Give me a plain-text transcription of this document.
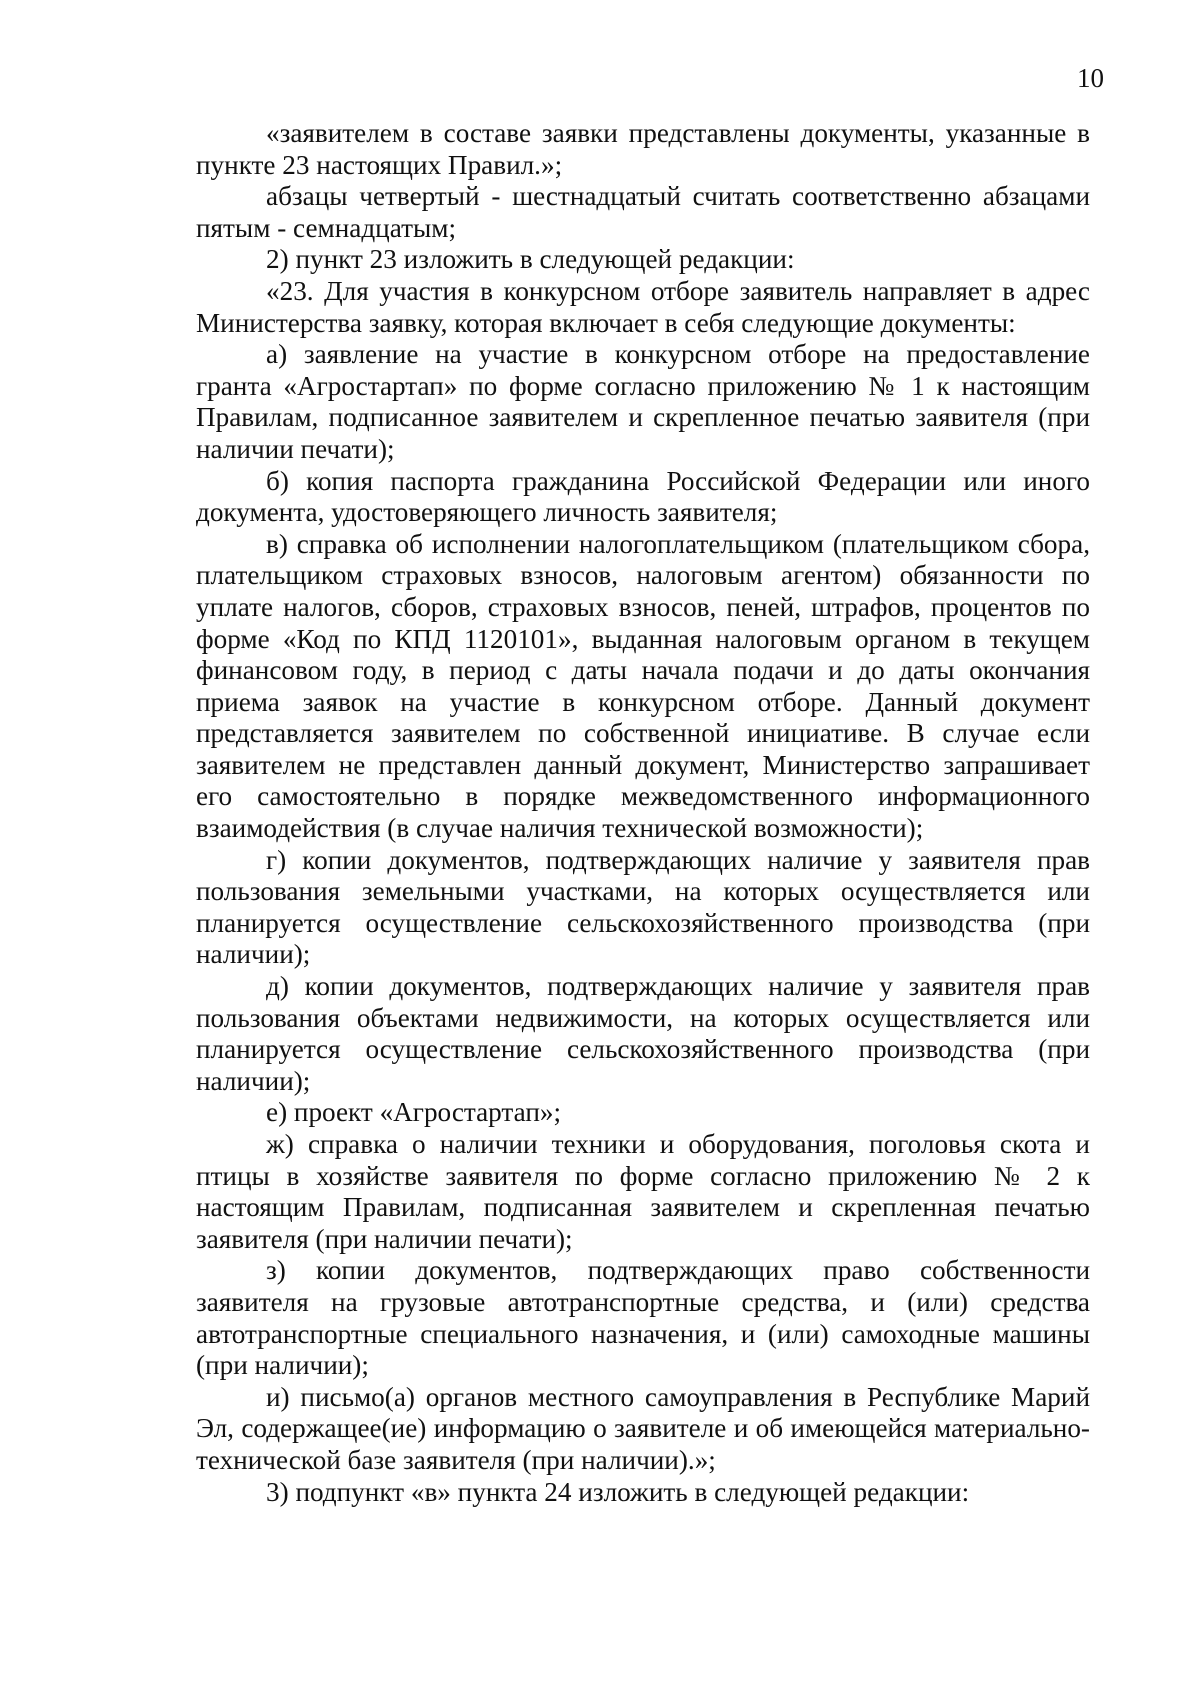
10

«заявителем в составе заявки представлены документы, указанные в пункте 23 настоящих Правил.»;

абзацы четвертый - шестнадцатый считать соответственно абзацами пятым - семнадцатым;

2) пункт 23 изложить в следующей редакции:

«23. Для участия в конкурсном отборе заявитель направляет в адрес Министерства заявку, которая включает в себя следующие документы:

а) заявление на участие в конкурсном отборе на предоставление гранта «Агростартап» по форме согласно приложению № 1 к настоящим Правилам, подписанное заявителем и скрепленное печатью заявителя (при наличии печати);

б) копия паспорта гражданина Российской Федерации или иного документа, удостоверяющего личность заявителя;

в) справка об исполнении налогоплательщиком (плательщиком сбора, плательщиком страховых взносов, налоговым агентом) обязанности по уплате налогов, сборов, страховых взносов, пеней, штрафов, процентов по форме «Код по КПД 1120101», выданная налоговым органом в текущем финансовом году, в период с даты начала подачи и до даты окончания приема заявок на участие в конкурсном отборе. Данный документ представляется заявителем по собственной инициативе. В случае если заявителем не представлен данный документ, Министерство запрашивает его самостоятельно в порядке межведомственного информационного взаимодействия (в случае наличия технической возможности);

г) копии документов, подтверждающих наличие у заявителя прав пользования земельными участками, на которых осуществляется или планируется осуществление сельскохозяйственного производства (при наличии);

д) копии документов, подтверждающих наличие у заявителя прав пользования объектами недвижимости, на которых осуществляется или планируется осуществление сельскохозяйственного производства (при наличии);

е) проект «Агростартап»;

ж) справка о наличии техники и оборудования, поголовья скота и птицы в хозяйстве заявителя по форме согласно приложению № 2 к настоящим Правилам, подписанная заявителем и скрепленная печатью заявителя (при наличии печати);

з) копии документов, подтверждающих право собственности заявителя на грузовые автотранспортные средства, и (или) средства автотранспортные специального назначения, и (или) самоходные машины (при наличии);

и) письмо(а) органов местного самоуправления в Республике Марий Эл, содержащее(ие) информацию о заявителе и об имеющейся материально-технической базе заявителя (при наличии).»;

3) подпункт «в» пункта 24 изложить в следующей редакции:
